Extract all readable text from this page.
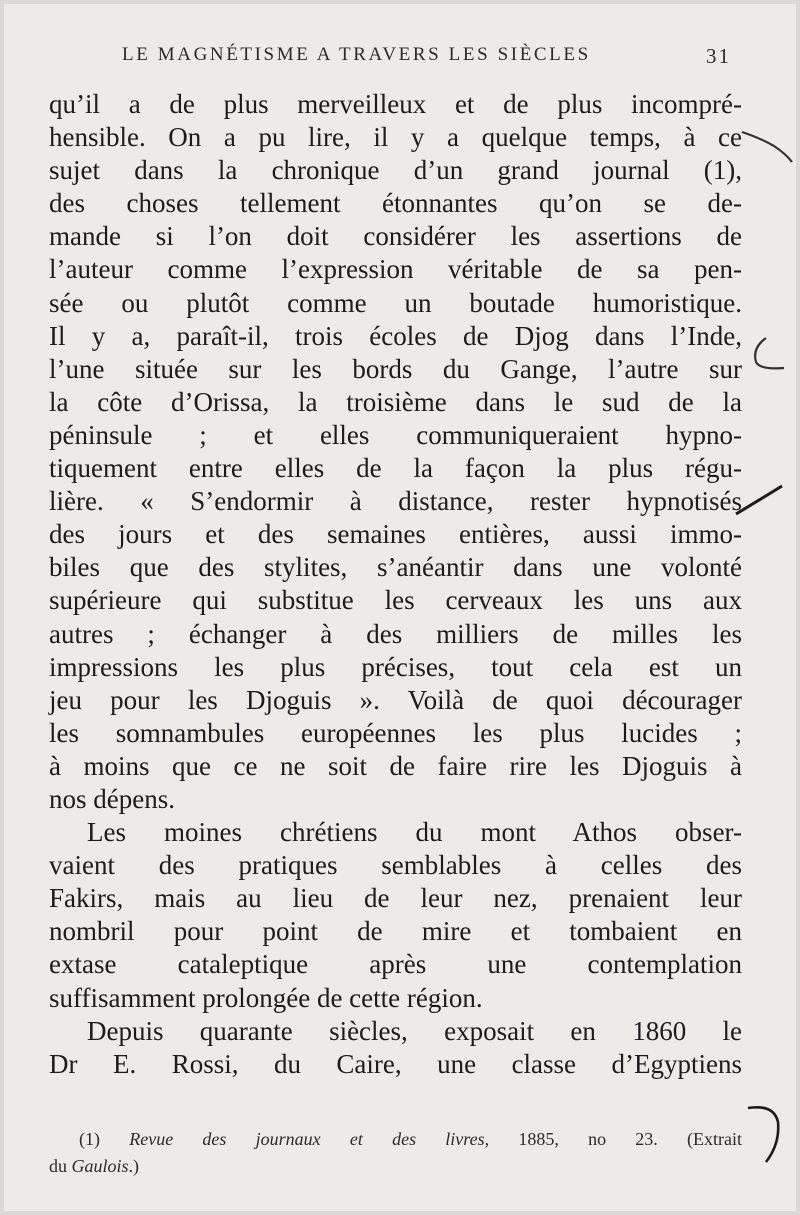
LE MAGNÉTISME A TRAVERS LES SIÈCLES	31
qu’il a de plus merveilleux et de plus incompré-
hensible. On a pu lire, il y a quelque temps, à ce
sujet dans la chronique d’un grand journal (1),
des choses tellement étonnantes qu’on se de-
mande si l’on doit considérer les assertions de
l’auteur comme l’expression véritable de sa pen-
sée ou plutôt comme un boutade humoristique.
Il y a, paraît-il, trois écoles de Djog dans l’Inde,
l’une située sur les bords du Gange, l’autre sur
la côte d’Orissa, la troisième dans le sud de la
péninsule ; et elles communiqueraient hypno-
tiquement entre elles de la façon la plus régu-
lière. « S’endormir à distance, rester hypnotisés
des jours et des semaines entières, aussi immo-
biles que des stylites, s’anéantir dans une volonté
supérieure qui substitue les cerveaux les uns aux
autres ; échanger à des milliers de milles les
impressions les plus précises, tout cela est un
jeu pour les Djoguis ». Voilà de quoi décourager
les somnambules européennes les plus lucides ;
à moins que ce ne soit de faire rire les Djoguis à
nos dépens.
Les moines chrétiens du mont Athos obser-
vaient des pratiques semblables à celles des
Fakirs, mais au lieu de leur nez, prenaient leur
nombril pour point de mire et tombaient en
extase cataleptique après une contemplation
suffisamment prolongée de cette région.
Depuis quarante siècles, exposait en 1860 le
Dr E. Rossi, du Caire, une classe d’Egyptiens
(1) Revue des journaux et des livres, 1885, no 23. (Extrait
du Gaulois.)
